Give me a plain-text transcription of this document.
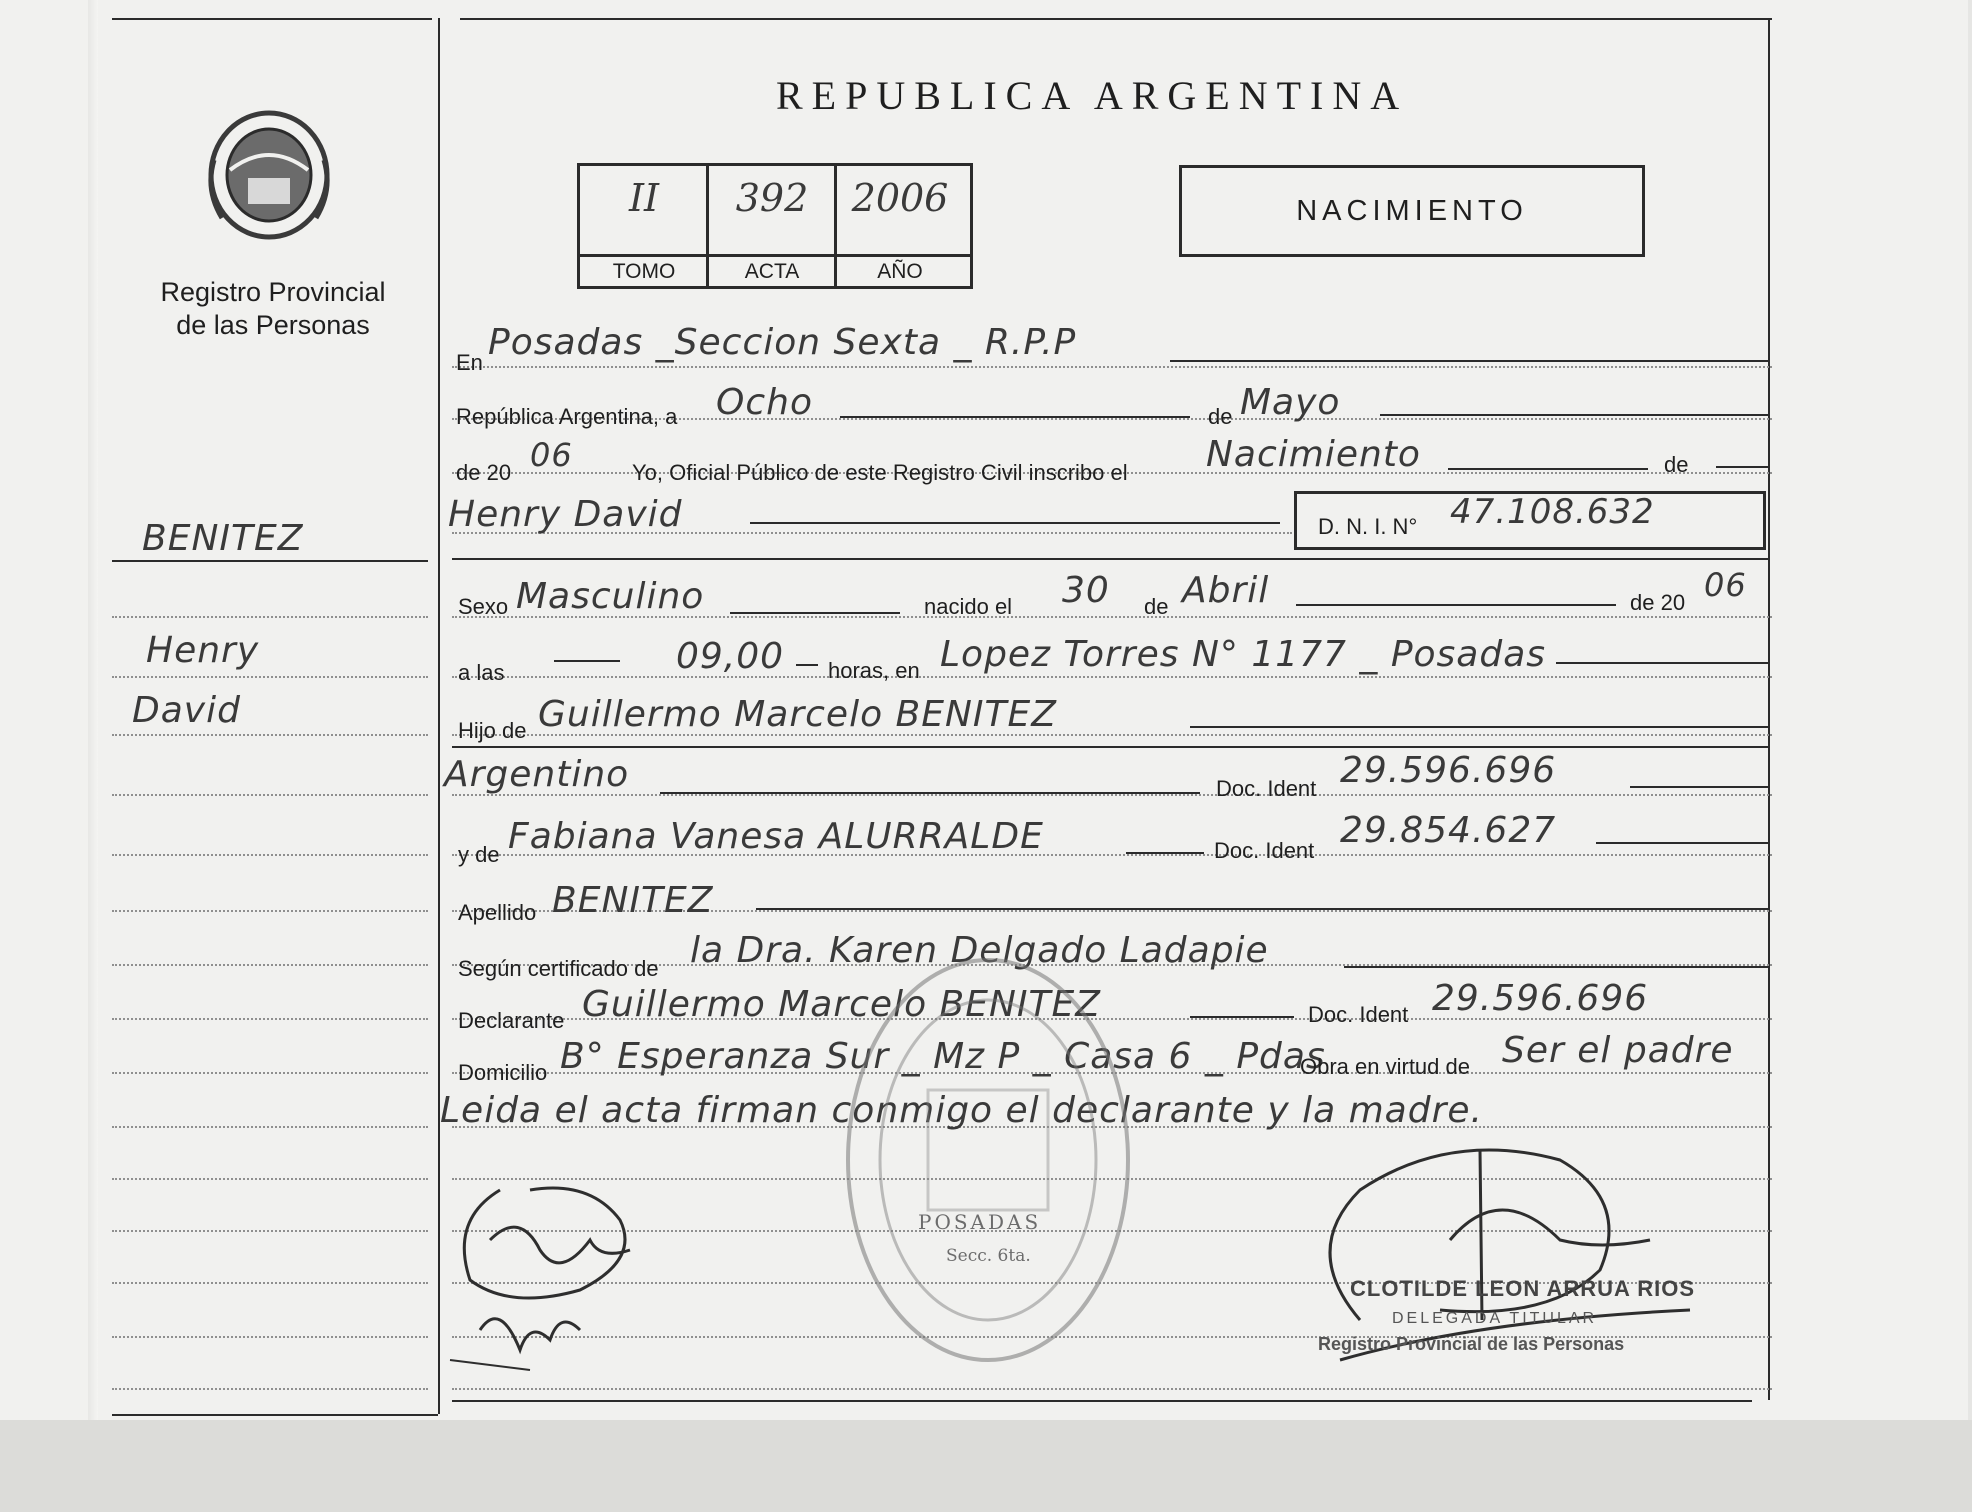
Registro Provincial
de las Personas
REPUBLICA ARGENTINA
II	392	2006
TOMO	ACTA	AÑO
NACIMIENTO
BENITEZ
Henry
David
En Posadas _Seccion Sexta _ R.P.P
República Argentina, a Ocho	de Mayo
de 20 06	Yo, Oficial Público de este Registro Civil inscribo el Nacimiento	de
Henry David	D. N. I. N° 47.108.632
Sexo Masculino	nacido el 30 de Abril	de 20 06
a las	09,00 horas, en Lopez Torres N° 1177 _ Posadas
Hijo de Guillermo Marcelo BENITEZ
Argentino	Doc. Ident 29.596.696
y de Fabiana Vanesa ALURRALDE	Doc. Ident 29.854.627
Apellido BENITEZ
Según certificado de la Dra. Karen Delgado Ladapie
Declarante Guillermo Marcelo BENITEZ	Doc. Ident 29.596.696
Domicilio B° Esperanza Sur _ Mz P _ Casa 6 _ Pdas
Obra en virtud de Ser el padre
Leida el acta firman conmigo el declarante y la madre.
POSADAS
Secc. 6ta.
CLOTILDE LEON ARRUA RIOS
DELEGADA TITULAR
Registro Provincial de las Personas
